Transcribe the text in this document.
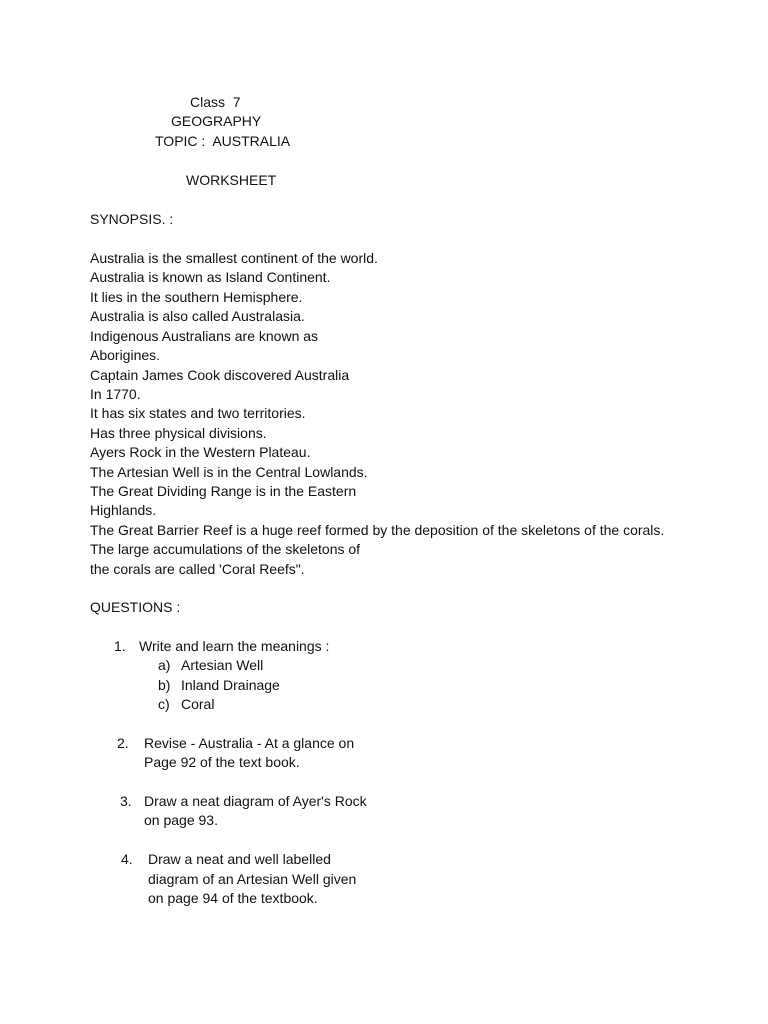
Class  7
GEOGRAPHY
TOPIC :  AUSTRALIA
WORKSHEET
SYNOPSIS. :
Australia is the smallest continent of the world.
Australia is known as Island Continent.
It lies in the southern Hemisphere.
Australia is also called Australasia.
Indigenous Australians are known as
Aborigines.
Captain James Cook discovered Australia
In 1770.
It has six states and two territories.
Has three physical divisions.
Ayers Rock in the Western Plateau.
The Artesian Well is in the Central Lowlands.
The Great Dividing Range is in the Eastern
Highlands.
The Great Barrier Reef is a huge reef formed by the deposition of the skeletons of the corals.
The large accumulations of the skeletons of
the corals are called 'Coral Reefs".
QUESTIONS :
1. Write and learn the meanings :
a) Artesian Well
b) Inland Drainage
c) Coral
2. Revise - Australia - At a glance on
Page 92 of the text book.
3. Draw a neat diagram of Ayer's Rock
on page 93.
4. Draw a neat and well labelled
diagram of an Artesian Well given
on page 94 of the textbook.
